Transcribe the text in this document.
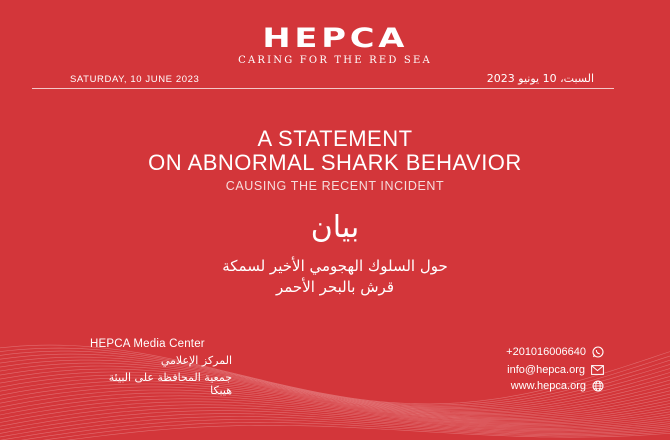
HEPCA
CARING FOR THE RED SEA
SATURDAY, 10 JUNE 2023	السبت، 10 يونيو 2023
A STATEMENT
ON ABNORMAL SHARK BEHAVIOR
CAUSING THE RECENT INCIDENT
بيان
حول السلوك الهجومي الأخير لسمكة
قرش بالبحر الأحمر
HEPCA Media Center
المركز الإعلامي
جمعية المحافظة على البيئة
هيبكا
+201016006640
info@hepca.org
www.hepca.org
